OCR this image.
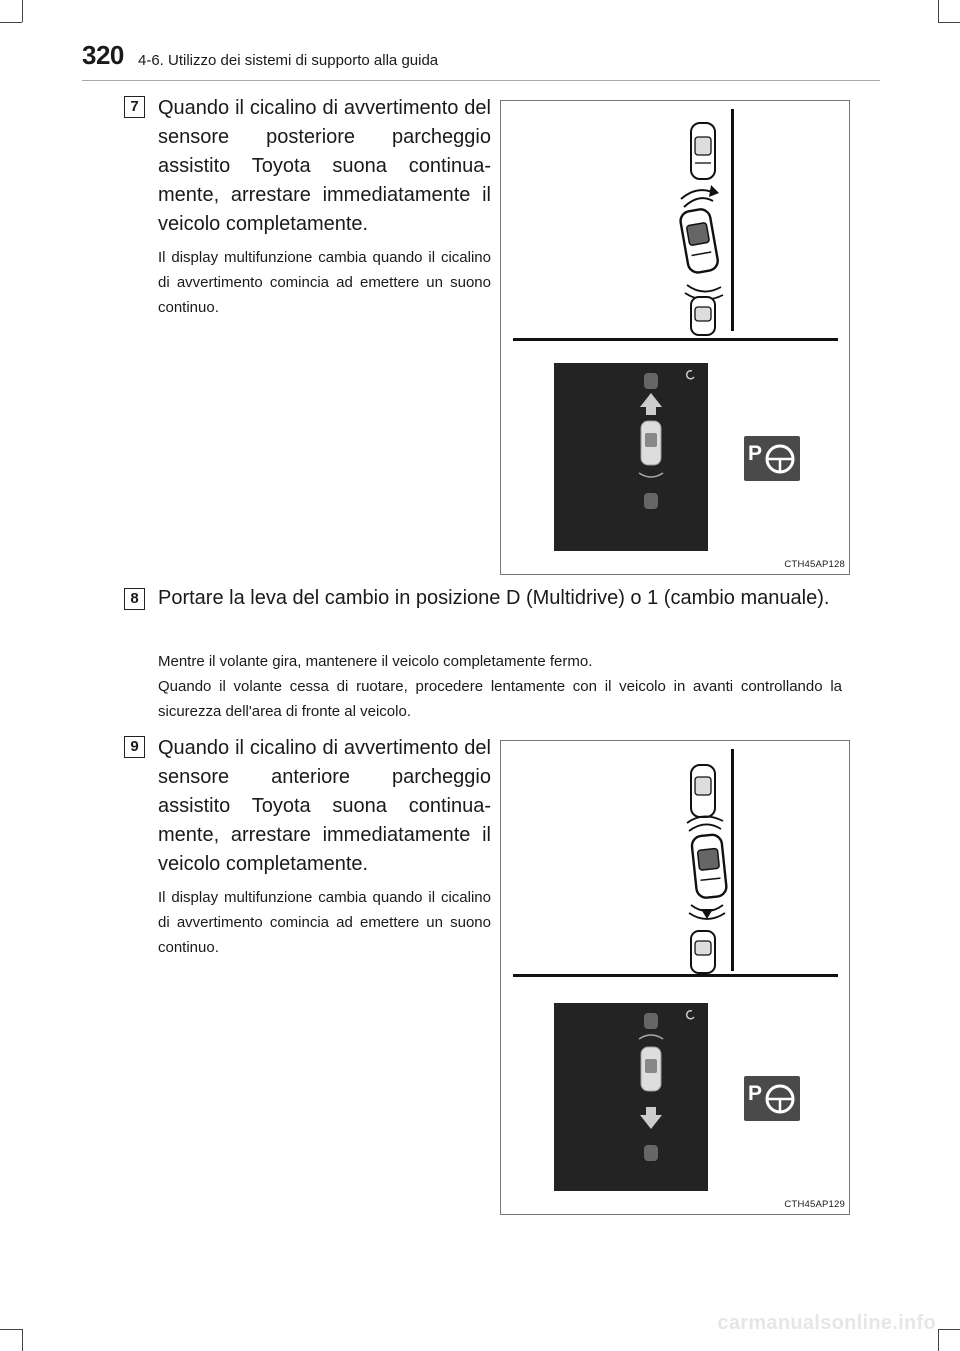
320 4-6. Utilizzo dei sistemi di supporto alla guida
7 Quando il cicalino di avvertimento del sensore posteriore parcheggio assistito Toyota suona continua-mente, arrestare immediatamente il veicolo completamente.
Il display multifunzione cambia quando il cicalino di avvertimento comincia ad emettere un suono continuo.
P
CTH45AP128
8 Portare la leva del cambio in posizione D (Multidrive) o 1 (cambio manuale).
Mentre il volante gira, mantenere il veicolo completamente fermo.
Quando il volante cessa di ruotare, procedere lentamente con il veicolo in avanti controllando la sicurezza dell'area di fronte al veicolo.
9 Quando il cicalino di avvertimento del sensore anteriore parcheggio assistito Toyota suona continua-mente, arrestare immediatamente il veicolo completamente.
Il display multifunzione cambia quando il cicalino di avvertimento comincia ad emettere un suono continuo.
P
CTH45AP129
carmanualsonline.info
